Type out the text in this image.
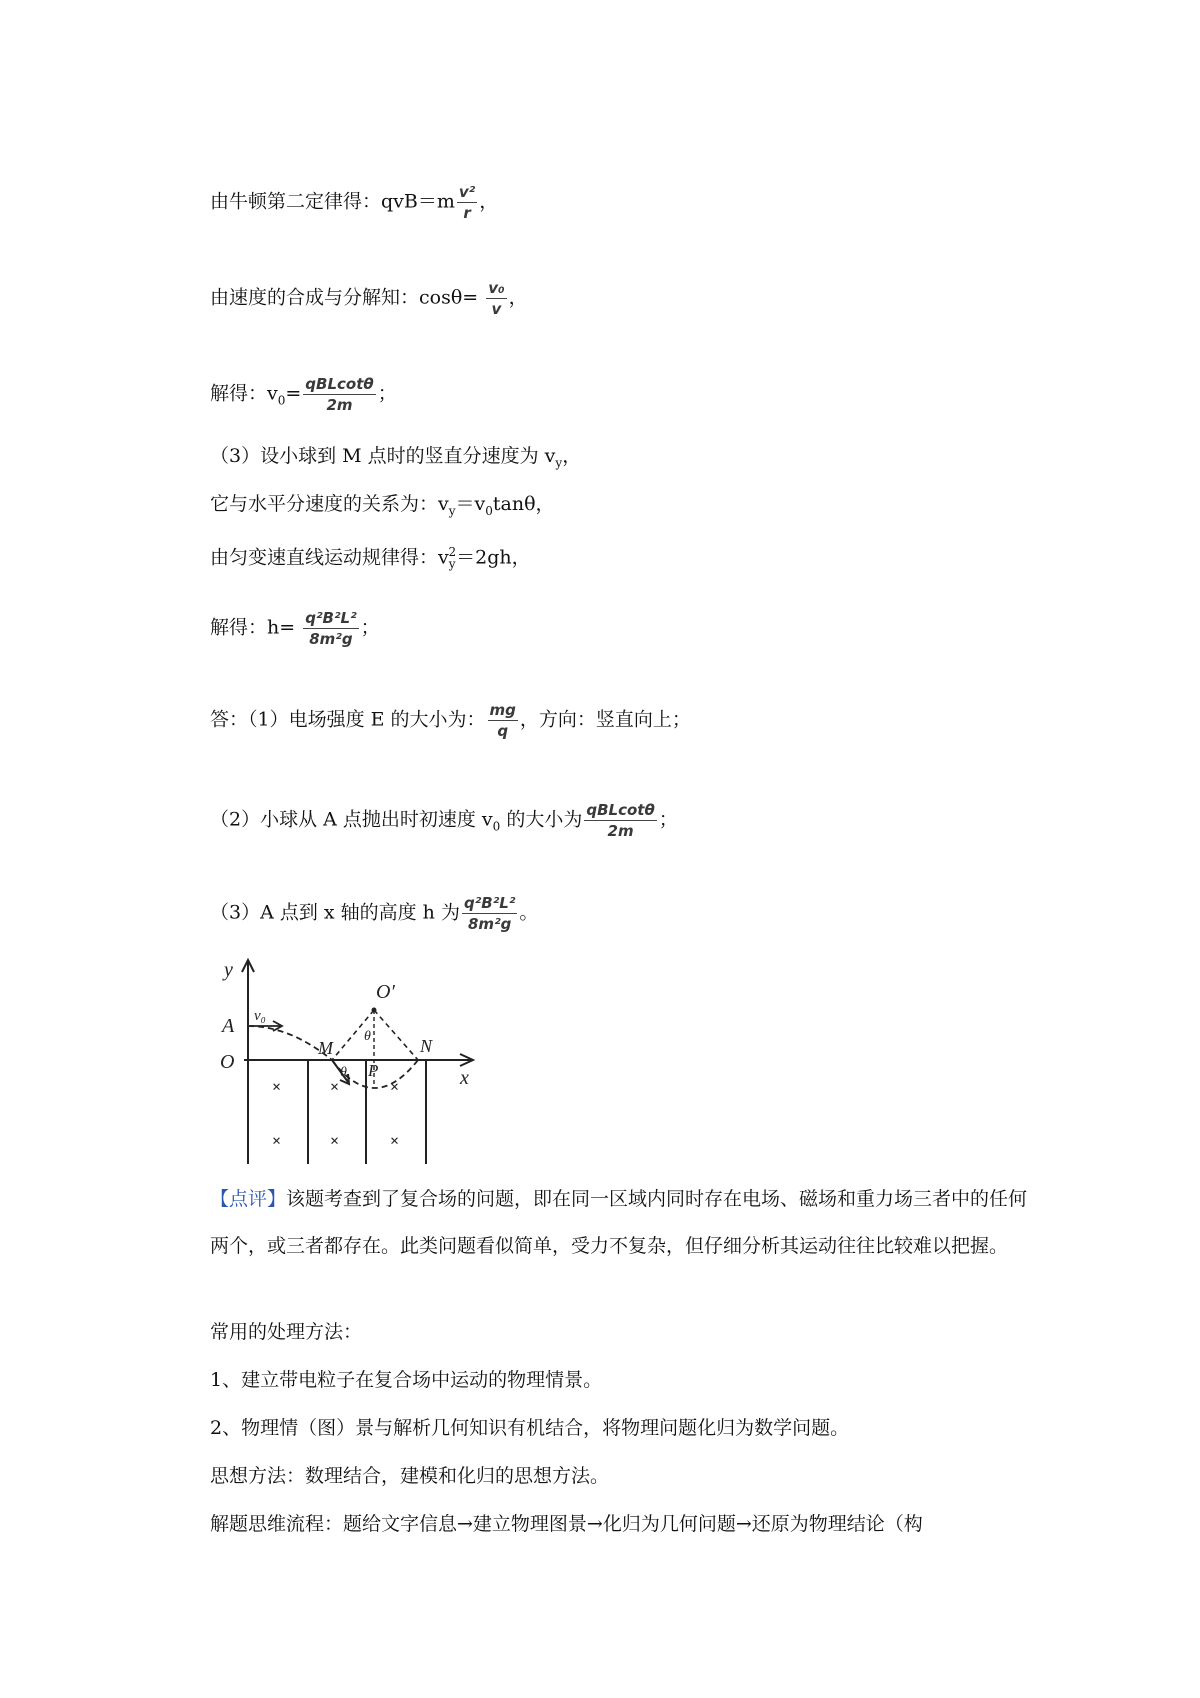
由牛顿第二定律得：$qvB=m \frac{\text{v²}}{r}$ ，
由速度的合成与分解知：$\cos\theta= \frac{\text{v₀}}{v}$ ，
解得：$v_0= \frac{\text{qBLcotθ}}{2m}$ ；
（3）设小球到 M 点时的竖直分速度为 $v_y$，
它与水平分速度的关系为：$v_y=v_0\tan\theta$，
由匀变速直线运动规律得：$v_y^2=2gh$，
解得：$h= \frac{\text{q²B²L²}}{\text{8m²g}}$ ；
答：（1）电场强度 E 的大小为： $\frac{mg}{q}$ ，方向：竖直向上；
（2）小球从 A 点抛出时初速度 $v_0$ 的大小为 $\frac{\text{qBLcotθ}}{2m}$ ；
（3）A 点到 x 轴的高度 h 为 $\frac{\text{q²B²L²}}{\text{8m²g}}$ 。
y
x
A
O
M	N
P
O′
v₀
θ
θ
×	×	×
×	×	×
【点评】该题考查到了复合场的问题，即在同一区域内同时存在电场、磁场和重力场三者中的任何两个，或三者都存在。此类问题看似简单，受力不复杂，但仔细分析其运动往往比较难以把握。
常用的处理方法：
1、建立带电粒子在复合场中运动的物理情景。
2、物理情（图）景与解析几何知识有机结合，将物理问题化归为数学问题。
思想方法：数理结合，建模和化归的思想方法。
解题思维流程：题给文字信息→建立物理图景→化归为几何问题→还原为物理结论（构
